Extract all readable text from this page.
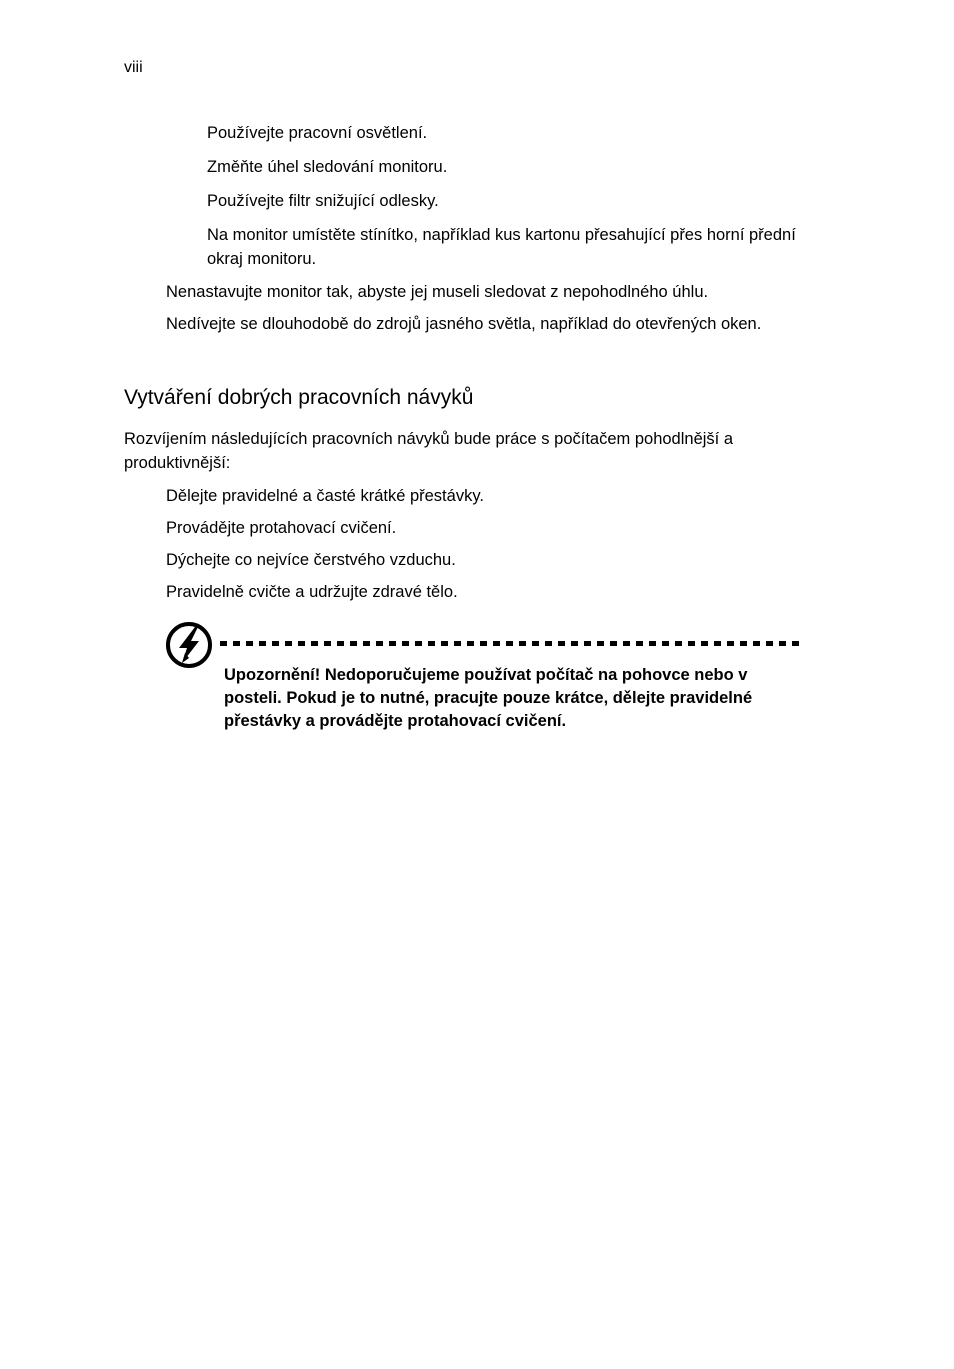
viii
Používejte pracovní osvětlení.
Změňte úhel sledování monitoru.
Používejte filtr snižující odlesky.
Na monitor umístěte stínítko, například kus kartonu přesahující přes horní přední okraj monitoru.
Nenastavujte monitor tak, abyste jej museli sledovat z nepohodlného úhlu.
Nedívejte se dlouhodobě do zdrojů jasného světla, například do otevřených oken.
Vytváření dobrých pracovních návyků

Rozvíjením následujících pracovních návyků bude práce s počítačem pohodlnější a produktivnější:

Dělejte pravidelné a časté krátké přestávky.
Provádějte protahovací cvičení.
Dýchejte co nejvíce čerstvého vzduchu.
Pravidelně cvičte a udržujte zdravé tělo.

Upozornění! Nedoporučujeme používat počítač na pohovce nebo v posteli. Pokud je to nutné, pracujte pouze krátce, dělejte pravidelné přestávky a provádějte protahovací cvičení.
